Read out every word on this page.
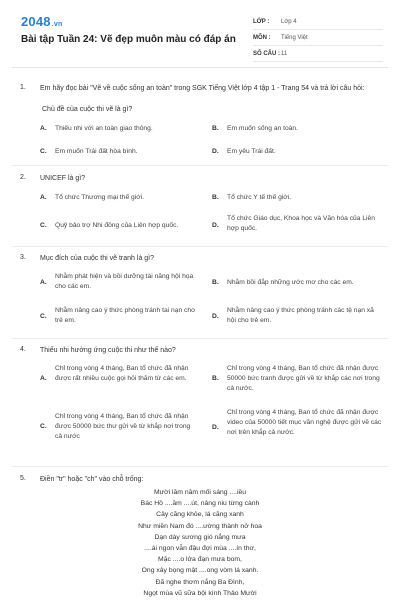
2048.vn
Bài tập Tuần 24: Vẽ đẹp muôn màu có đáp án
LỚP :	Lớp 4
MÔN :	Tiếng Việt
SỐ CÂU : 11
1. Em hãy đọc bài "Vẽ về cuộc sống an toàn" trong SGK Tiếng Việt lớp 4 tập 1 - Trang 54 và trả lời câu hỏi:
Chủ đề của cuộc thi vẽ là gì?
A.	Thiếu nhi với an toàn giao thông.	B.	Em muốn sống an toàn.
C.	Em muốn Trái đất hòa bình.	D.	Em yêu Trái đất.
2. UNICEF là gì?
A.	Tổ chức Thương mại thế giới.	B.	Tổ chức Y tế thế giới.
C.	Quỹ bảo trợ Nhi đồng của Liên hợp quốc.	D.
Tổ chức Giáo dục, Khoa học và Văn hóa của Liên hợp quốc.
3. Mục đích của cuộc thi vẽ tranh là gì?
A.
Nhằm phát hiện và bồi dưỡng tài năng hội họa cho các em.
B.	Nhằm bồi đắp những ước mơ cho các em.
C.
Nhằm nâng cao ý thức phòng tránh tai nạn cho trẻ em.
D.
Nhằm nâng cao ý thức phòng tránh các tệ nạn xã hội cho trẻ em.
4. Thiếu nhi hưởng ứng cuộc thi như thế nào?
A.
Chỉ trong vòng 4 tháng, Ban tổ chức đã nhận được rất nhiều cuộc gọi hỏi thăm từ các em.	B.
Chỉ trong vòng 4 tháng, Ban tổ chức đã nhận được 50000 bức tranh được gửi về từ khắp các nơi trong cả nước.
C.
Chỉ trong vòng 4 tháng, Ban tổ chức đã nhận được 50000 bức thư gửi về từ khắp nơi trong cả nước
D.
Chỉ trong vòng 4 tháng, Ban tổ chức đã nhận được video của 50000 tiết mục văn nghệ được gửi về các nơi trên khắp cả nước.
5. Điền "tr" hoặc "ch" vào chỗ trống:
Mười lăm năm mối sáng ....iều
Bác Hồ ....ăm ....út, nâng niu từng cành
Cây căng khỏe, lá căng xanh
Như miền Nam đó ....ường thành nở hoa
Dạn dày sương gió nắng mưa
....ái ngon vẫn đậu đợi mùa ....ín thơ,
Mặc ....o lửa đạn mưa bom,
Ong xây bọng mật ....ong vòm lá xanh.
Đã nghe thơm nắng Ba Đình,
Ngọt mùa vũ sữa bội kính Thảo Mười
